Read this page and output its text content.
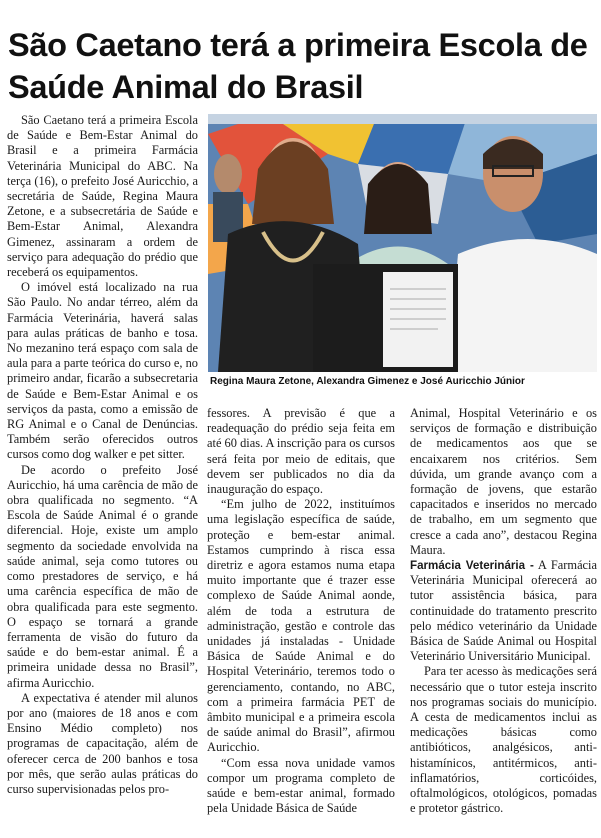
São Caetano terá a primeira Escola de Saúde Animal do Brasil

São Caetano terá a primeira Escola de Saúde e Bem-Estar Animal do Brasil e a primeira Farmácia Veterinária Municipal do ABC. Na terça (16), o prefeito José Auricchio, a secretária de Saúde, Regina Maura Zetone, e a subsecretária de Saúde e Bem-Estar Animal, Alexandra Gimenez, assinaram a ordem de serviço para adequação do prédio que receberá os equipamentos.

O imóvel está localizado na rua São Paulo. No andar térreo, além da Farmácia Veterinária, haverá salas para aulas práticas de banho e tosa. No mezanino terá espaço com sala de aula para a parte teórica do curso e, no primeiro andar, ficarão a subsecretaria de Saúde e Bem-Estar Animal e os serviços da pasta, como a emissão de RG Animal e o Canal de Denúncias. Também serão oferecidos outros cursos como dog walker e pet sitter.

De acordo o prefeito José Auricchio, há uma carência de mão de obra qualificada no segmento. “A Escola de Saúde Animal é o grande diferencial. Hoje, existe um amplo segmento da sociedade envolvida na saúde animal, seja como tutores ou como prestadores de serviço, e há uma carência específica de mão de obra qualificada para este segmento. O espaço se tornará a grande ferramenta de visão do futuro da saúde e do bem-estar animal. É a primeira unidade dessa no Brasil”, afirma Auricchio.

A expectativa é atender mil alunos por ano (maiores de 18 anos e com Ensino Médio completo) nos programas de capacitação, além de oferecer cerca de 200 banhos e tosa por mês, que serão aulas práticas do curso supervisionadas pelos pro-

Regina Maura Zetone, Alexandra Gimenez e José Auricchio Júnior

fessores. A previsão é que a readequação do prédio seja feita em até 60 dias. A inscrição para os cursos será feita por meio de editais, que devem ser publicados no dia da inauguração do espaço.

“Em julho de 2022, instituímos uma legislação específica de saúde, proteção e bem-estar animal. Estamos cumprindo à risca essa diretriz e agora estamos numa etapa muito importante que é trazer esse complexo de Saúde Animal aonde, além de toda a estrutura de administração, gestão e controle das unidades já instaladas - Unidade Básica de Saúde Animal e do Hospital Veterinário, teremos todo o gerenciamento, contando, no ABC, com a primeira farmácia PET de âmbito municipal e a primeira escola de saúde animal do Brasil”, afirmou Auricchio.

“Com essa nova unidade vamos compor um programa completo de saúde e bem-estar animal, formado pela Unidade Básica de Saúde

Animal, Hospital Veterinário e os serviços de formação e distribuição de medicamentos aos que se encaixarem nos critérios. Sem dúvida, um grande avanço com a formação de jovens, que estarão capacitados e inseridos no mercado de trabalho, em um segmento que cresce a cada ano”, destacou Regina Maura.

Farmácia Veterinária - A Farmácia Veterinária Municipal oferecerá ao tutor assistência básica, para continuidade do tratamento prescrito pelo médico veterinário da Unidade Básica de Saúde Animal ou Hospital Veterinário Universitário Municipal.

Para ter acesso às medicações será necessário que o tutor esteja inscrito nos programas sociais do município. A cesta de medicamentos inclui as medicações básicas como antibióticos, analgésicos, anti-histamínicos, antitérmicos, anti-inflamatórios, corticóides, oftalmológicos, otológicos, pomadas e protetor gástrico.
